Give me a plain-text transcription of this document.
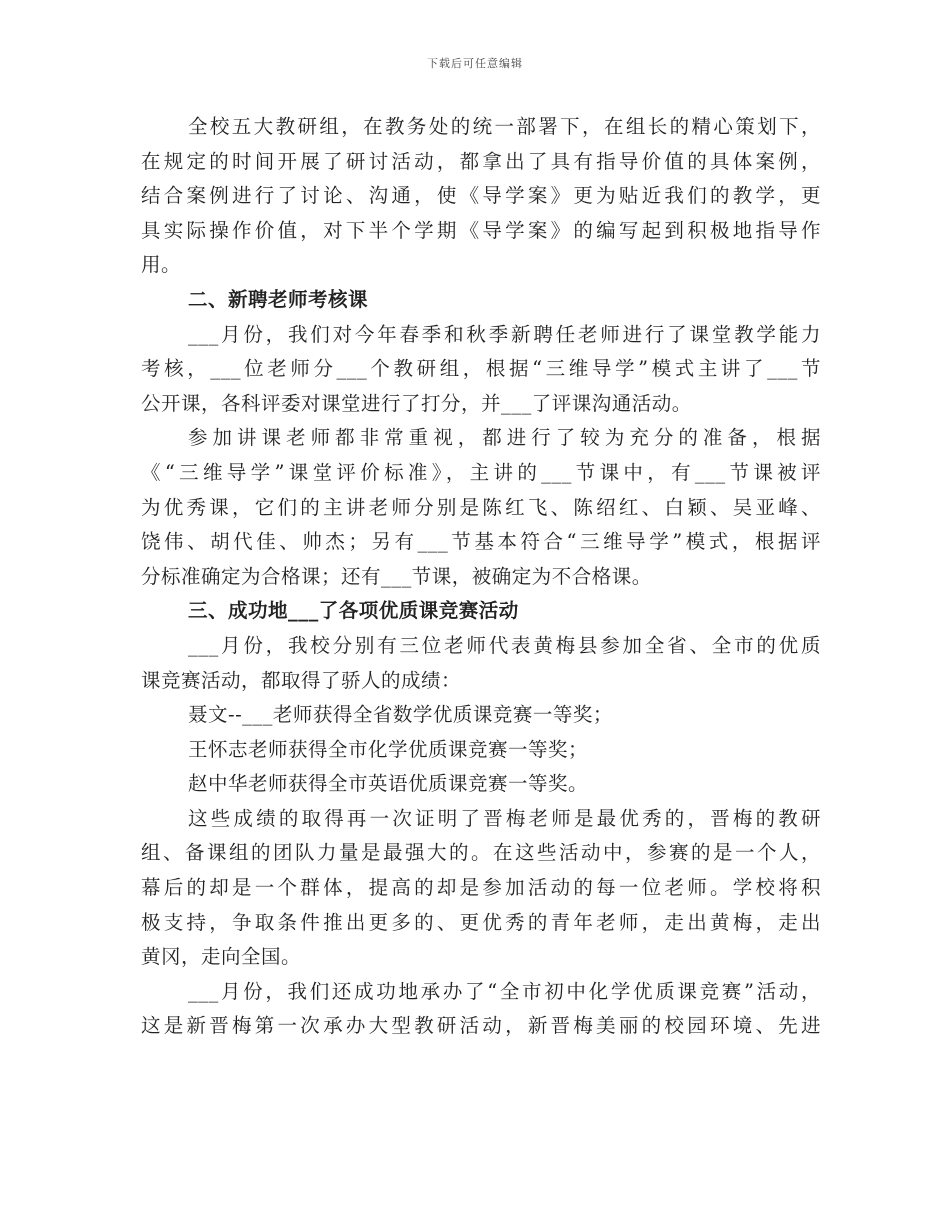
下载后可任意编辑
全校五大教研组，在教务处的统一部署下，在组长的精心策划下，
在规定的时间开展了研讨活动，都拿出了具有指导价值的具体案例，
结合案例进行了讨论、沟通，使《导学案》更为贴近我们的教学，更
具实际操作价值，对下半个学期《导学案》的编写起到积极地指导作
用。
二、新聘老师考核课
___月份，我们对今年春季和秋季新聘任老师进行了课堂教学能力
考核，___位老师分___个教研组，根据“三维导学”模式主讲了___节
公开课，各科评委对课堂进行了打分，并___了评课沟通活动。
参加讲课老师都非常重视，都进行了较为充分的准备，根据
《“三维导学”课堂评价标准》，主讲的___节课中，有___节课被评
为优秀课，它们的主讲老师分别是陈红飞、陈绍红、白颖、吴亚峰、
饶伟、胡代佳、帅杰；另有___节基本符合“三维导学”模式，根据评
分标准确定为合格课；还有___节课，被确定为不合格课。
三、成功地___了各项优质课竞赛活动
___月份，我校分别有三位老师代表黄梅县参加全省、全市的优质
课竞赛活动，都取得了骄人的成绩：
聂文--___老师获得全省数学优质课竞赛一等奖；
王怀志老师获得全市化学优质课竞赛一等奖；
赵中华老师获得全市英语优质课竞赛一等奖。
这些成绩的取得再一次证明了晋梅老师是最优秀的，晋梅的教研
组、备课组的团队力量是最强大的。在这些活动中，参赛的是一个人，
幕后的却是一个群体，提高的却是参加活动的每一位老师。学校将积
极支持，争取条件推出更多的、更优秀的青年老师，走出黄梅，走出
黄冈，走向全国。
___月份，我们还成功地承办了“全市初中化学优质课竞赛”活动，
这是新晋梅第一次承办大型教研活动，新晋梅美丽的校园环境、先进
